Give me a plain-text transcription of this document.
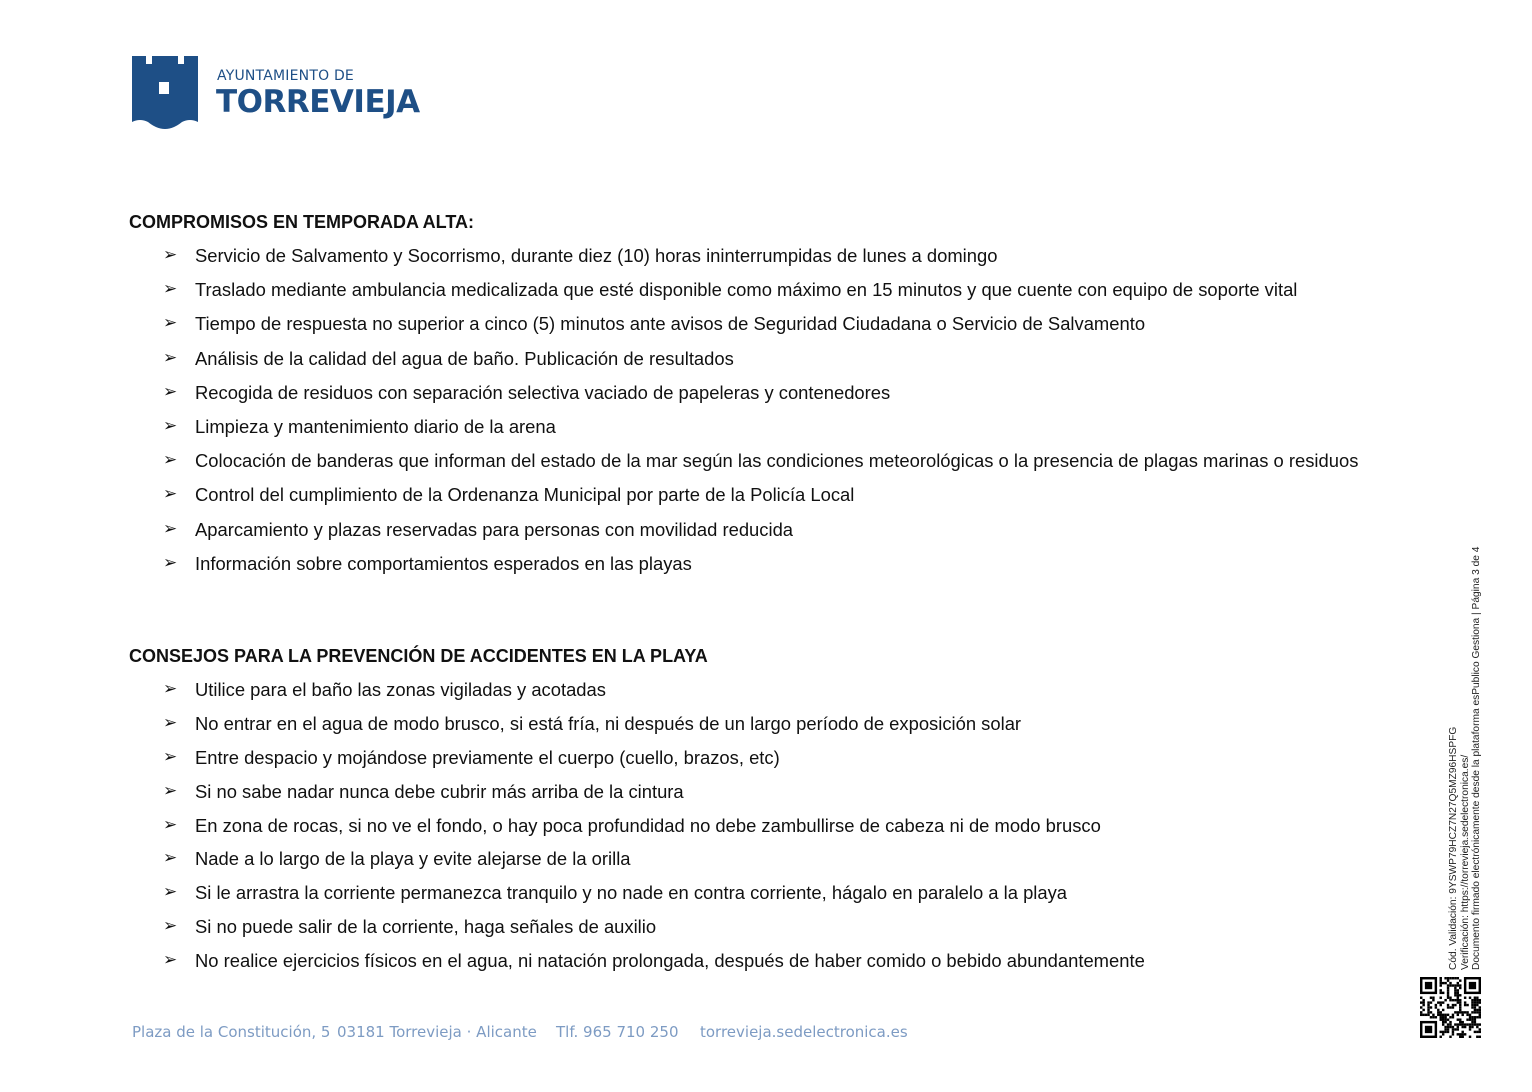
AYUNTAMIENTO DE
TORREVIEJA
COMPROMISOS EN TEMPORADA ALTA:
➢ Servicio de Salvamento y Socorrismo, durante diez (10) horas ininterrumpidas de lunes a domingo
➢ Traslado mediante ambulancia medicalizada que esté disponible como máximo en 15 minutos y que cuente con equipo de soporte vital
➢ Tiempo de respuesta no superior a cinco (5) minutos ante avisos de Seguridad Ciudadana o Servicio de Salvamento
➢ Análisis de la calidad del agua de baño. Publicación de resultados
➢ Recogida de residuos con separación selectiva vaciado de papeleras y contenedores
➢ Limpieza y mantenimiento diario de la arena
➢ Colocación de banderas que informan del estado de la mar según las condiciones meteorológicas o la presencia de plagas marinas o residuos
➢ Control del cumplimiento de la Ordenanza Municipal por parte de la Policía Local
➢ Aparcamiento y plazas reservadas para personas con movilidad reducida
➢ Información sobre comportamientos esperados en las playas
CONSEJOS PARA LA PREVENCIÓN DE ACCIDENTES EN LA PLAYA
➢ Utilice para el baño las zonas vigiladas y acotadas
➢ No entrar en el agua de modo brusco, si está fría, ni después de un largo período de exposición solar
➢ Entre despacio y mojándose previamente el cuerpo (cuello, brazos, etc)
➢ Si no sabe nadar nunca debe cubrir más arriba de la cintura
➢ En zona de rocas, si no ve el fondo, o hay poca profundidad no debe zambullirse de cabeza ni de modo brusco
➢ Nade a lo largo de la playa y evite alejarse de la orilla
➢ Si le arrastra la corriente permanezca tranquilo y no nade en contra corriente, hágalo en paralelo a la playa
➢ Si no puede salir de la corriente, haga señales de auxilio
➢ No realice ejercicios físicos en el agua, ni natación prolongada, después de haber comido o bebido abundantemente	Cód. Validación: 9YSWP79HCZ7N27Q5MZ96HSPFG Verificación: https://torrevieja.sedelectronica.es/ Documento firmado electrónicamente desde la plataforma esPublico Gestiona | Página 3 de 4
Plaza de la Constitución, 5 03181 Torrevieja · Alicante Tlf. 965 710 250 torrevieja.sedelectronica.es
